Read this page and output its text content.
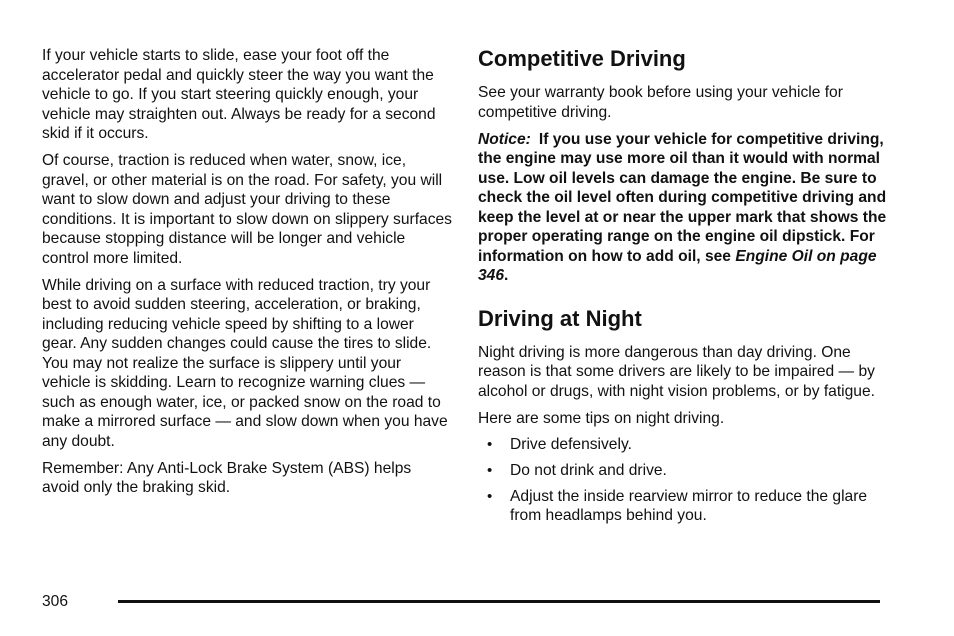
If your vehicle starts to slide, ease your foot off the accelerator pedal and quickly steer the way you want the vehicle to go. If you start steering quickly enough, your vehicle may straighten out. Always be ready for a second skid if it occurs.

Of course, traction is reduced when water, snow, ice, gravel, or other material is on the road. For safety, you will want to slow down and adjust your driving to these conditions. It is important to slow down on slippery surfaces because stopping distance will be longer and vehicle control more limited.

While driving on a surface with reduced traction, try your best to avoid sudden steering, acceleration, or braking, including reducing vehicle speed by shifting to a lower gear. Any sudden changes could cause the tires to slide. You may not realize the surface is slippery until your vehicle is skidding. Learn to recognize warning clues — such as enough water, ice, or packed snow on the road to make a mirrored surface — and slow down when you have any doubt.

Remember: Any Anti-Lock Brake System (ABS) helps avoid only the braking skid.

Competitive Driving

See your warranty book before using your vehicle for competitive driving.

Notice: If you use your vehicle for competitive driving, the engine may use more oil than it would with normal use. Low oil levels can damage the engine. Be sure to check the oil level often during competitive driving and keep the level at or near the upper mark that shows the proper operating range on the engine oil dipstick. For information on how to add oil, see Engine Oil on page 346.

Driving at Night

Night driving is more dangerous than day driving. One reason is that some drivers are likely to be impaired — by alcohol or drugs, with night vision problems, or by fatigue.

Here are some tips on night driving.

• Drive defensively.
• Do not drink and drive.
• Adjust the inside rearview mirror to reduce the glare from headlamps behind you.
306
